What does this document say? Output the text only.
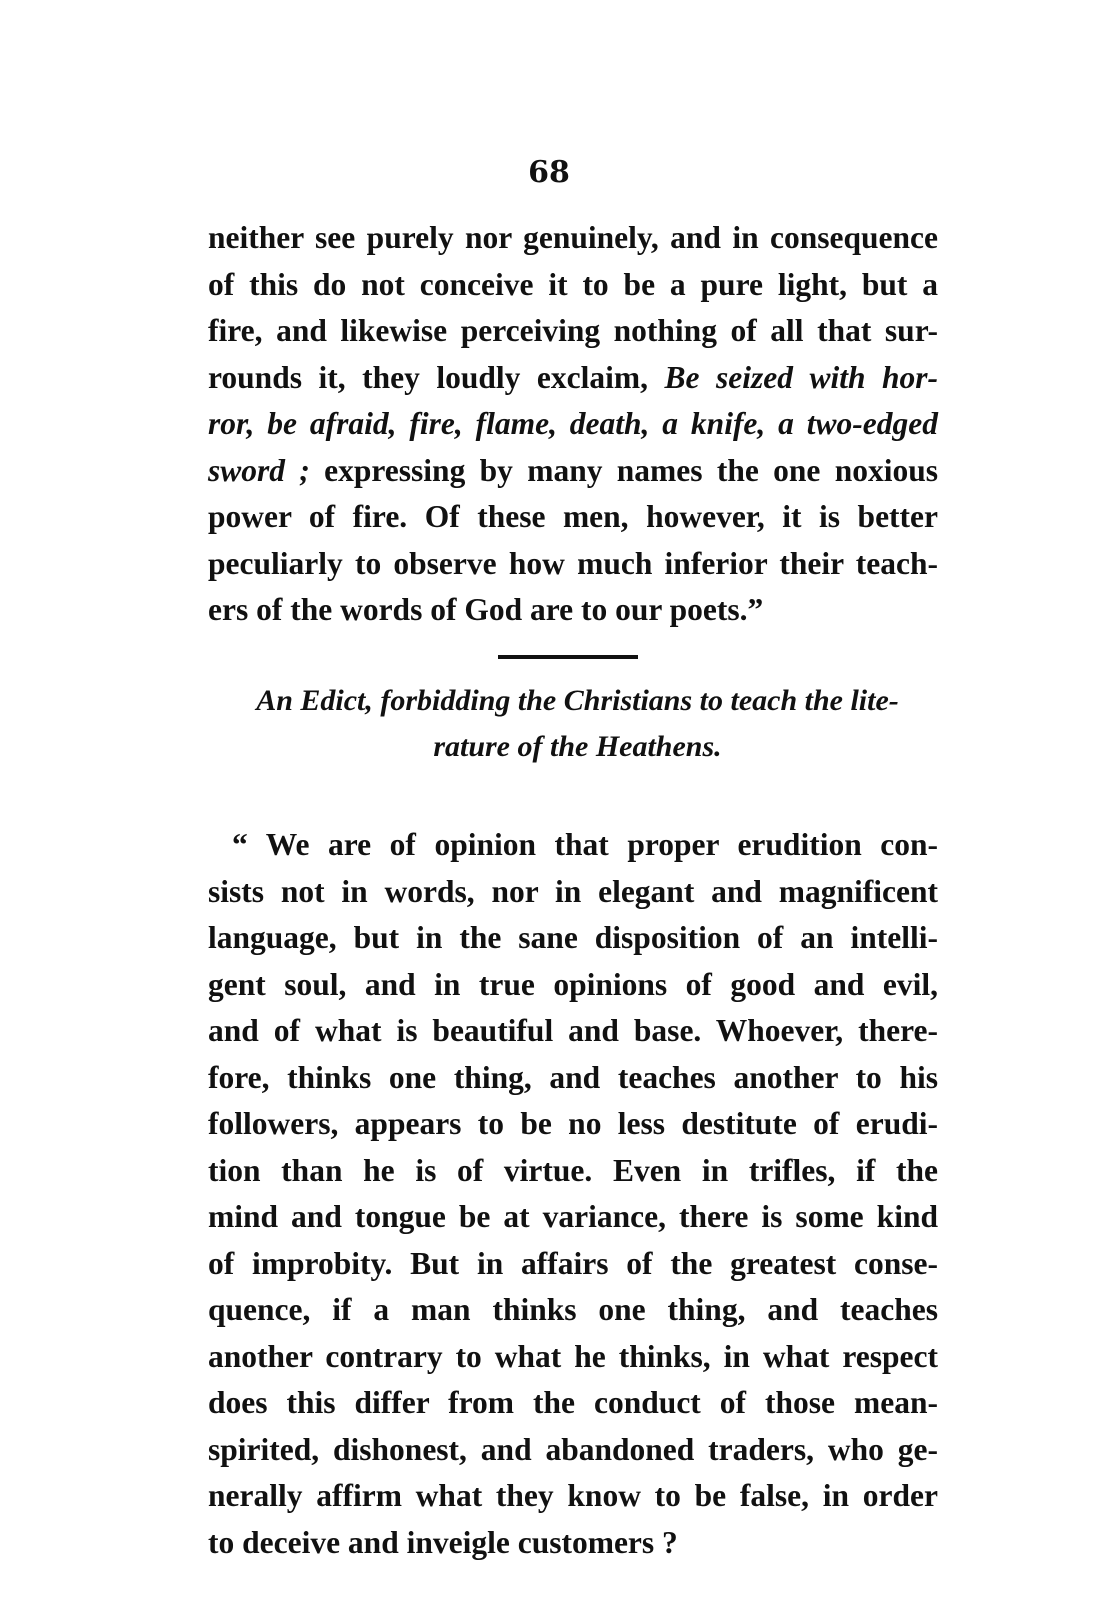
68
neither see purely nor genuinely, and in consequence
of this do not conceive it to be a pure light, but a
fire, and likewise perceiving nothing of all that sur-
rounds it, they loudly exclaim, Be seized with hor-
ror, be afraid, fire, flame, death, a knife, a two-edged
sword ; expressing by many names the one noxious
power of fire. Of these men, however, it is better
peculiarly to observe how much inferior their teach-
ers of the words of God are to our poets.”
An Edict, forbidding the Christians to teach the lite-
rature of the Heathens.
“ We are of opinion that proper erudition con-
sists not in words, nor in elegant and magnificent
language, but in the sane disposition of an intelli-
gent soul, and in true opinions of good and evil,
and of what is beautiful and base. Whoever, there-
fore, thinks one thing, and teaches another to his
followers, appears to be no less destitute of erudi-
tion than he is of virtue. Even in trifles, if the
mind and tongue be at variance, there is some kind
of improbity. But in affairs of the greatest conse-
quence, if a man thinks one thing, and teaches
another contrary to what he thinks, in what respect
does this differ from the conduct of those mean-
spirited, dishonest, and abandoned traders, who ge-
nerally affirm what they know to be false, in order
to deceive and inveigle customers ?
